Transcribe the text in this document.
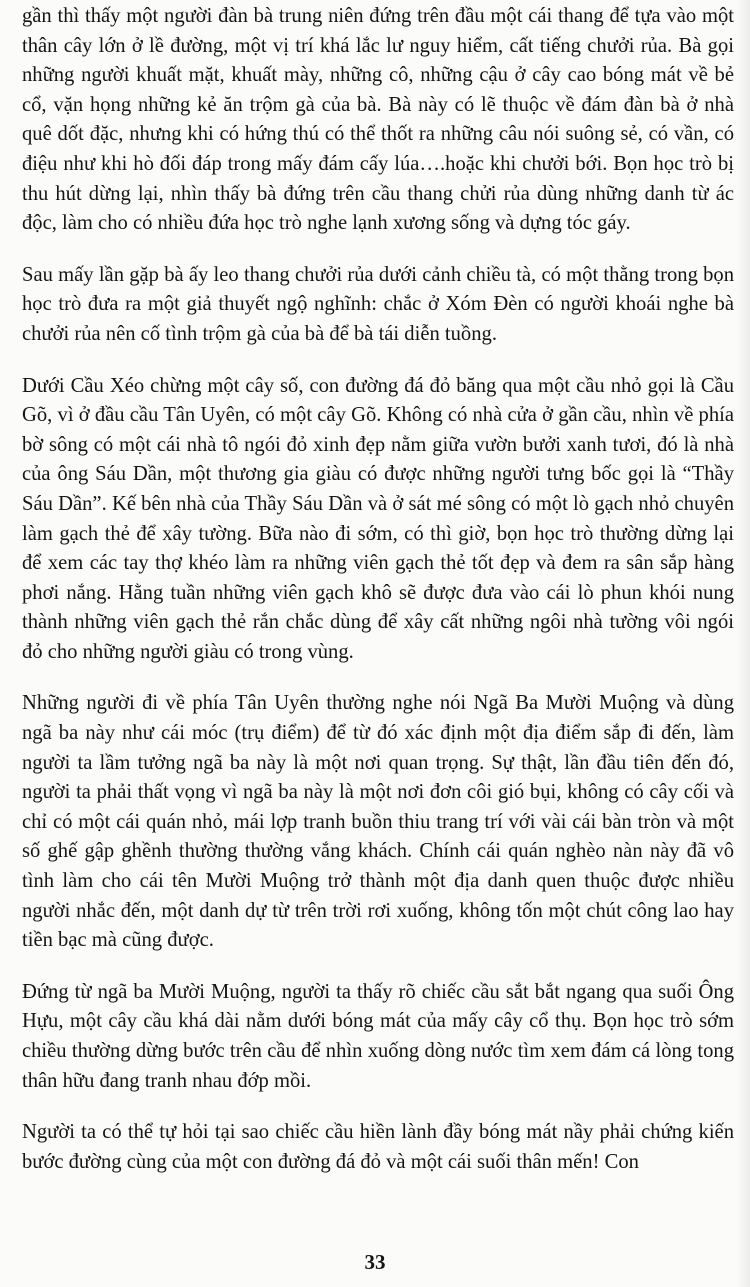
gần thì thấy một người đàn bà trung niên đứng trên đầu một cái thang để tựa vào một thân cây lớn ở lề đường, một vị trí khá lắc lư nguy hiểm, cất tiếng chưởi rủa. Bà gọi những người khuất mặt, khuất mày, những cô, những cậu ở cây cao bóng mát về bẻ cổ, vặn họng những kẻ ăn trộm gà của bà. Bà này có lẽ thuộc về đám đàn bà ở nhà quê dốt đặc, nhưng khi có hứng thú có thể thốt ra những câu nói suông sẻ, có vần, có điệu như khi hò đối đáp trong mấy đám cấy lúa….hoặc khi chưởi bới. Bọn học trò bị thu hút dừng lại, nhìn thấy bà đứng trên cầu thang chửi rủa dùng những danh từ ác độc, làm cho có nhiều đứa học trò nghe lạnh xương sống và dựng tóc gáy.

Sau mấy lần gặp bà ấy leo thang chưởi rủa dưới cảnh chiều tà, có một thằng trong bọn học trò đưa ra một giả thuyết ngộ nghĩnh: chắc ở Xóm Đèn có người khoái nghe bà chưởi rủa nên cố tình trộm gà của bà để bà tái diễn tuồng.

Dưới Cầu Xéo chừng một cây số, con đường đá đỏ băng qua một cầu nhỏ gọi là Cầu Gõ, vì ở đầu cầu Tân Uyên, có một cây Gõ. Không có nhà cửa ở gần cầu, nhìn về phía bờ sông có một cái nhà tô ngói đỏ xinh đẹp nằm giữa vườn bưởi xanh tươi, đó là nhà của ông Sáu Dần, một thương gia giàu có được những người tưng bốc gọi là “Thầy Sáu Dần”. Kế bên nhà của Thầy Sáu Dần và ở sát mé sông có một lò gạch nhỏ chuyên làm gạch thẻ để xây tường. Bữa nào đi sớm, có thì giờ, bọn học trò thường dừng lại để xem các tay thợ khéo làm ra những viên gạch thẻ tốt đẹp và đem ra sân sắp hàng phơi nắng. Hằng tuần những viên gạch khô sẽ được đưa vào cái lò phun khói nung thành những viên gạch thẻ rắn chắc dùng để xây cất những ngôi nhà tường vôi ngói đỏ cho những người giàu có trong vùng.

Những người đi về phía Tân Uyên thường nghe nói Ngã Ba Mười Muộng và dùng ngã ba này như cái móc (trụ điểm) để từ đó xác định một địa điểm sắp đi đến, làm người ta lầm tưởng ngã ba này là một nơi quan trọng. Sự thật, lần đầu tiên đến đó, người ta phải thất vọng vì ngã ba này là một nơi đơn côi gió bụi, không có cây cối và chỉ có một cái quán nhỏ, mái lợp tranh buồn thiu trang trí với vài cái bàn tròn và một số ghế gập ghềnh thường thường vắng khách. Chính cái quán nghèo nàn này đã vô tình làm cho cái tên Mười Muộng trở thành một địa danh quen thuộc được nhiều người nhắc đến, một danh dự từ trên trời rơi xuống, không tốn một chút công lao hay tiền bạc mà cũng được.

Đứng từ ngã ba Mười Muộng, người ta thấy rõ chiếc cầu sắt bắt ngang qua suối Ông Hựu, một cây cầu khá dài nằm dưới bóng mát của mấy cây cổ thụ. Bọn học trò sớm chiều thường dừng bước trên cầu để nhìn xuống dòng nước tìm xem đám cá lòng tong thân hữu đang tranh nhau đớp mồi.

Người ta có thể tự hỏi tại sao chiếc cầu hiền lành đầy bóng mát nầy phải chứng kiến bước đường cùng của một con đường đá đỏ và một cái suối thân mến! Con

33
